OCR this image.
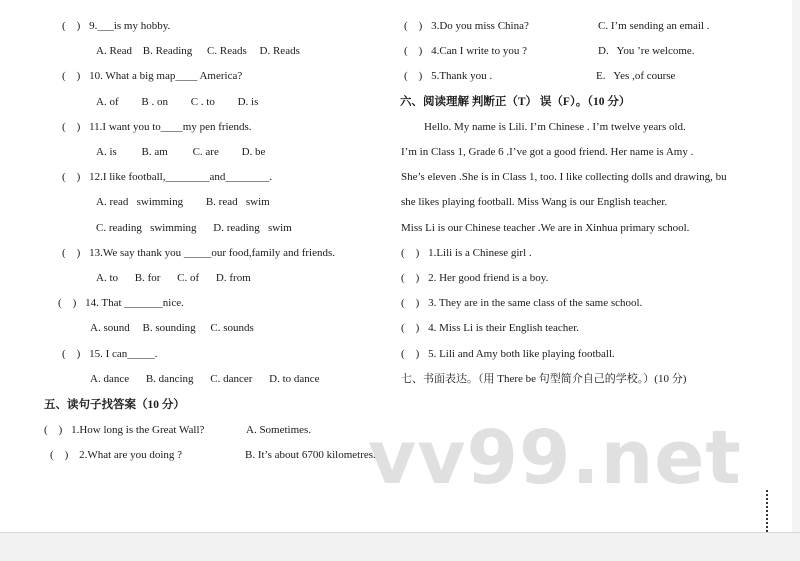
(　) 9.___is my hobby.
A. Read B. Reading C. Reads D. Reads
(　) 10. What a big map____ America?
A. of B . on C . to D. is
(　) 11.I want you to____my pen friends.
A. is B. am C. are D. be
(　) 12.I like football,________and________.
A. read   swimming B. read   swim
C. reading   swimming D. reading   swim
(　) 13.We say thank you _____our food,family and friends.
A. to B. for C. of D. from
(　) 14. That _______nice.
A. sound B. sounding C. sounds
(　) 15. I can_____.
A. dance B. dancing C. dancer D. to dance
五、读句子找答案（10 分）
(　) 1.How long is the Great Wall?	A. Sometimes.
(　) 2.What are you doing ?	B. It’s about 6700 kilometres.
(　) 3.Do you miss China?	C. I’m sending an email .
(　) 4.Can I write to you ?	D.   You ’re welcome.
(　) 5.Thank you .	E.   Yes ,of course
六、阅读理解 判断正（T） 误（F）。（10 分）
Hello. My name is Lili. I’m Chinese . I’m twelve years old.
I’m in Class 1, Grade 6 .I’ve got a good friend. Her name is Amy .
She’s eleven .She is in Class 1, too. I like collecting dolls and drawing, bu
she likes playing football. Miss Wang is our English teacher.
Miss Li is our Chinese teacher .We are in Xinhua primary school.
(　) 1.Lili is a Chinese girl .
(　) 2. Her good friend is a boy.
(　) 3. They are in the same class of the same school.
(　) 4. Miss Li is their English teacher.
(　) 5. Lili and Amy both like playing football.
七、书面表达。（用 There be 句型简介自己的学校。）(10 分)
vv99.net
